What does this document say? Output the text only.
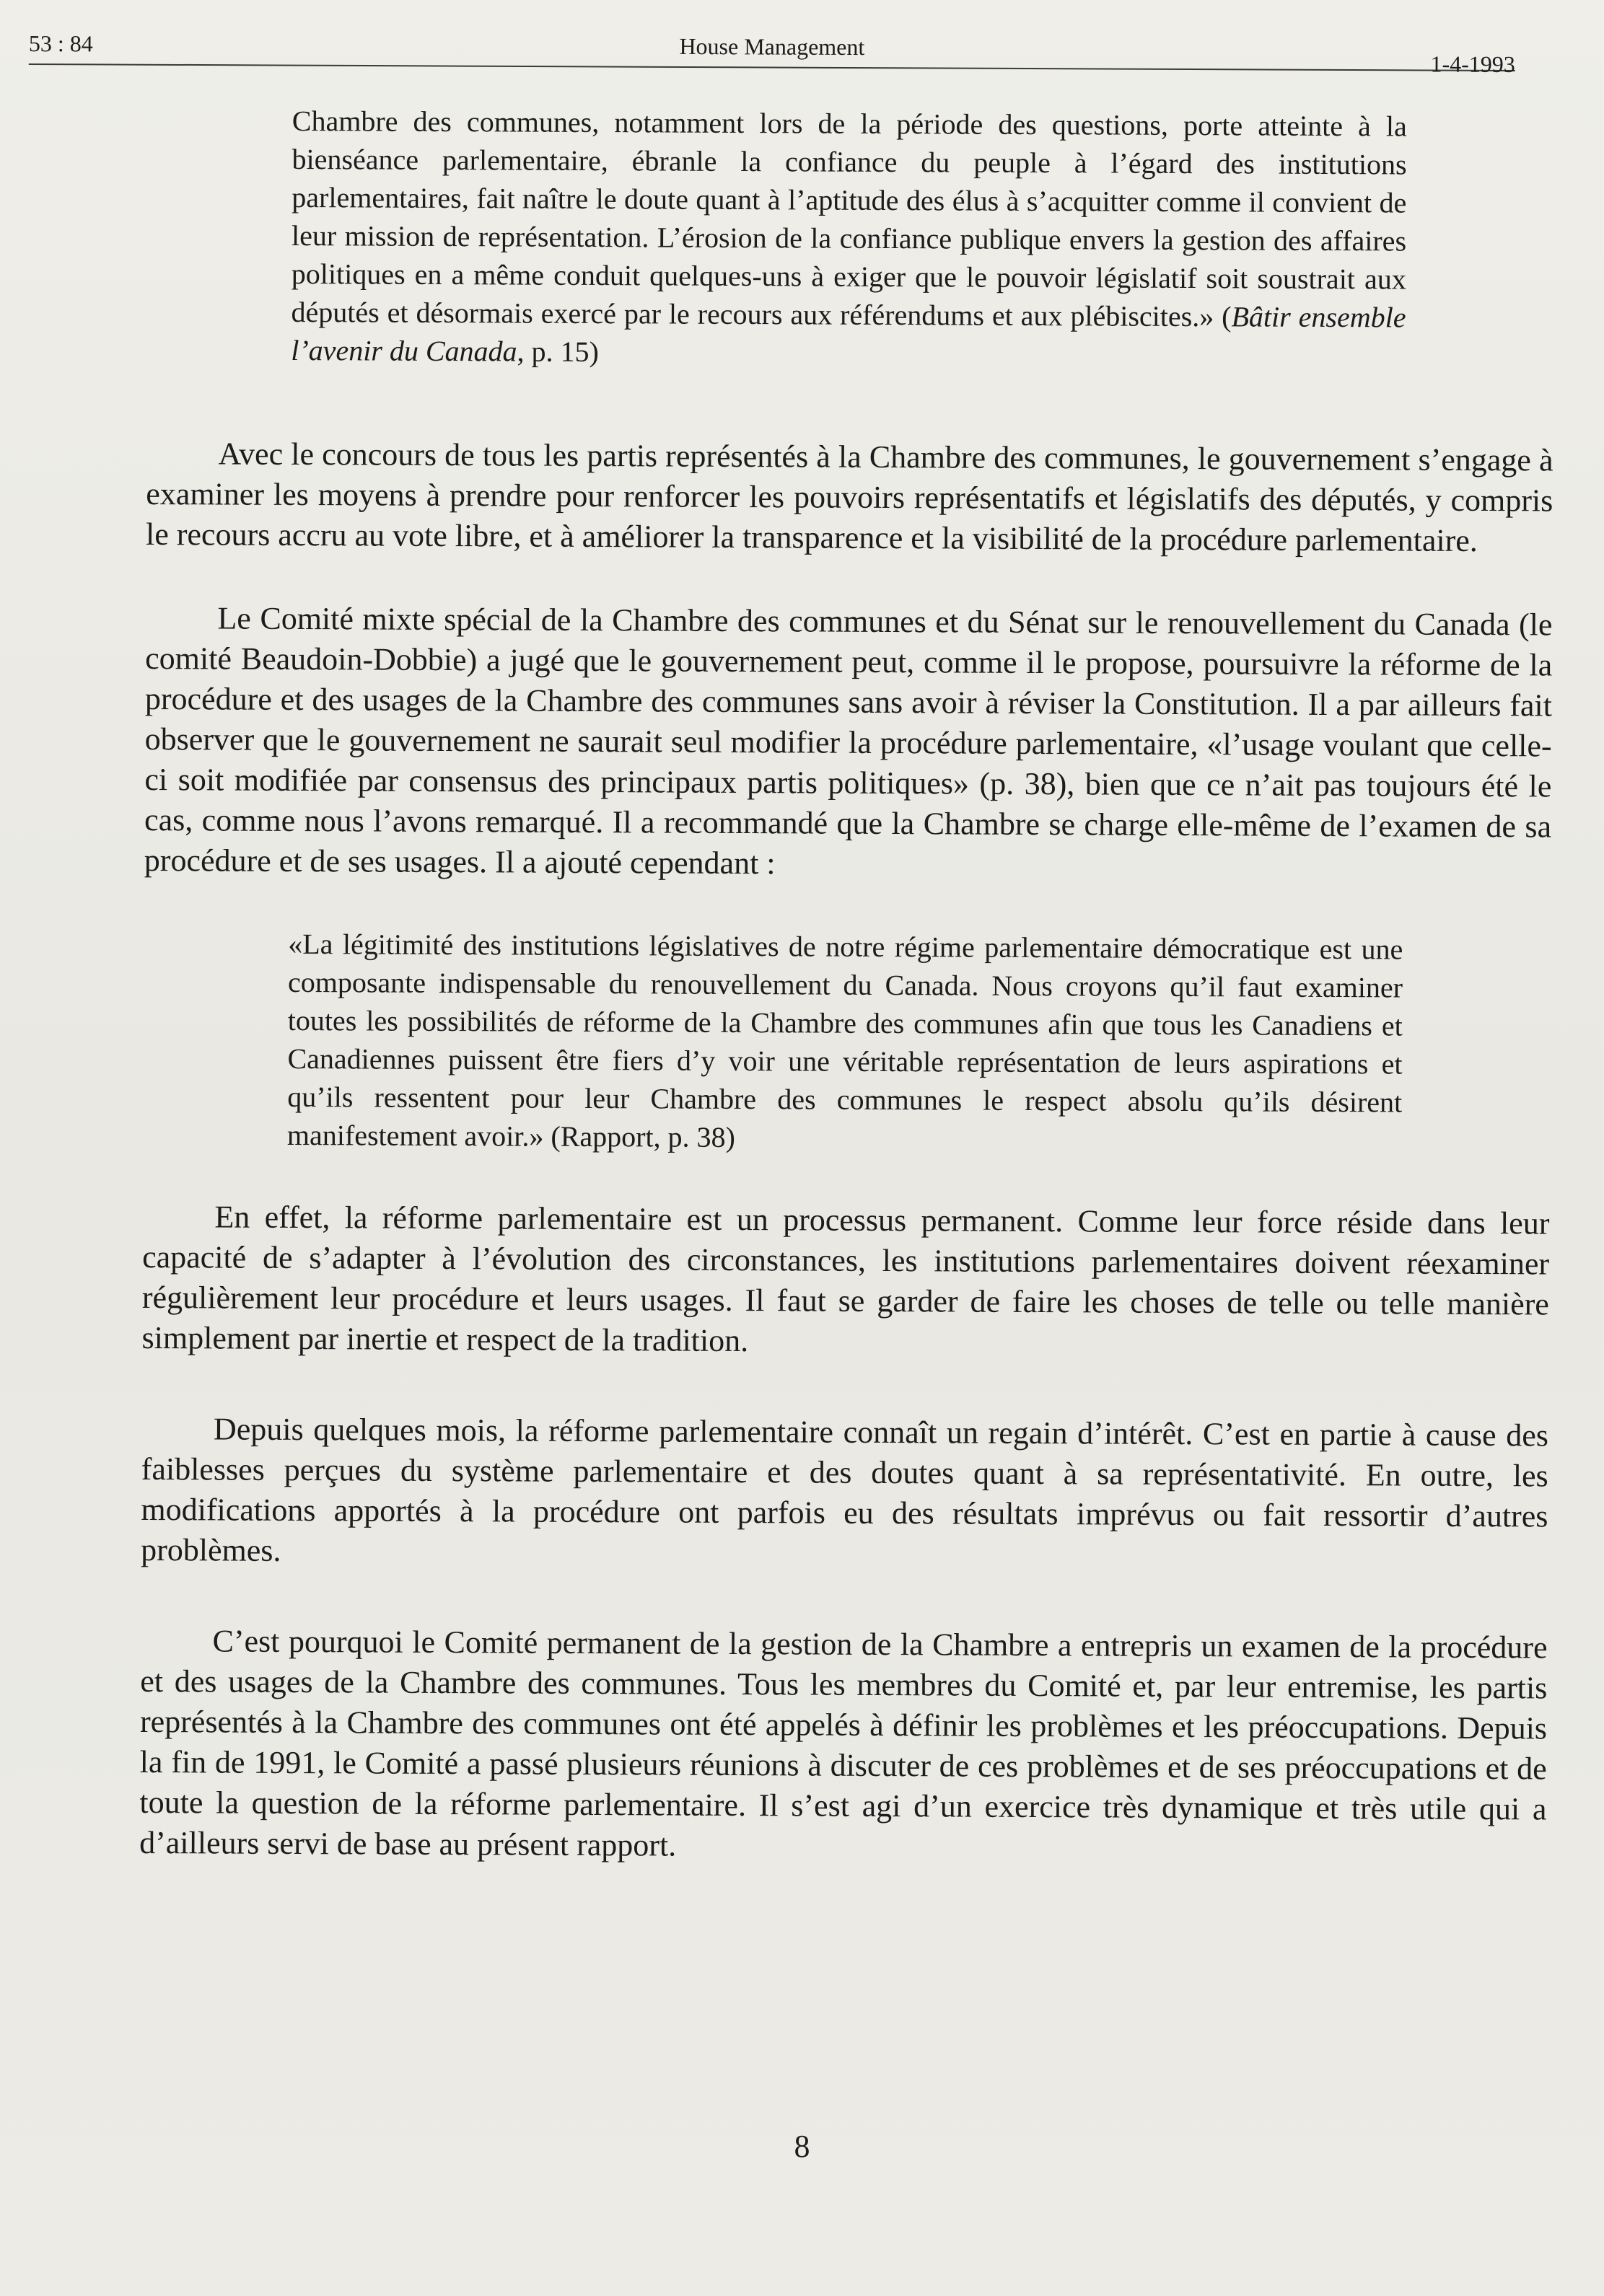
53 : 84	House Management
1-4-1993
Chambre des communes, notamment lors de la période des questions, porte atteinte à la bienséance parlementaire, ébranle la confiance du peuple à l’égard des institutions parlementaires, fait naître le doute quant à l’aptitude des élus à s’acquitter comme il convient de leur mission de représentation. L’érosion de la confiance publique envers la gestion des affaires politiques en a même conduit quelques-uns à exiger que le pouvoir législatif soit soustrait aux députés et désormais exercé par le recours aux référendums et aux plébiscites.» (Bâtir ensemble l’avenir du Canada, p. 15)

Avec le concours de tous les partis représentés à la Chambre des communes, le gouvernement s’engage à examiner les moyens à prendre pour renforcer les pouvoirs représentatifs et législatifs des députés, y compris le recours accru au vote libre, et à améliorer la transparence et la visibilité de la procédure parlementaire.

Le Comité mixte spécial de la Chambre des communes et du Sénat sur le renouvellement du Canada (le comité Beaudoin-Dobbie) a jugé que le gouvernement peut, comme il le propose, poursuivre la réforme de la procédure et des usages de la Chambre des communes sans avoir à réviser la Constitution. Il a par ailleurs fait observer que le gouvernement ne saurait seul modifier la procédure parlementaire, «l’usage voulant que celle-ci soit modifiée par consensus des principaux partis politiques» (p. 38), bien que ce n’ait pas toujours été le cas, comme nous l’avons remarqué. Il a recommandé que la Chambre se charge elle-même de l’examen de sa procédure et de ses usages. Il a ajouté cependant :

«La légitimité des institutions législatives de notre régime parlementaire démocratique est une composante indispensable du renouvellement du Canada. Nous croyons qu’il faut examiner toutes les possibilités de réforme de la Chambre des communes afin que tous les Canadiens et Canadiennes puissent être fiers d’y voir une véritable représentation de leurs aspirations et qu’ils ressentent pour leur Chambre des communes le respect absolu qu’ils désirent manifestement avoir.» (Rapport, p. 38)

En effet, la réforme parlementaire est un processus permanent. Comme leur force réside dans leur capacité de s’adapter à l’évolution des circonstances, les institutions parlementaires doivent réexaminer régulièrement leur procédure et leurs usages. Il faut se garder de faire les choses de telle ou telle manière simplement par inertie et respect de la tradition.

Depuis quelques mois, la réforme parlementaire connaît un regain d’intérêt. C’est en partie à cause des faiblesses perçues du système parlementaire et des doutes quant à sa représentativité. En outre, les modifications apportés à la procédure ont parfois eu des résultats imprévus ou fait ressortir d’autres problèmes.

C’est pourquoi le Comité permanent de la gestion de la Chambre a entrepris un examen de la procédure et des usages de la Chambre des communes. Tous les membres du Comité et, par leur entremise, les partis représentés à la Chambre des communes ont été appelés à définir les problèmes et les préoccupations. Depuis la fin de 1991, le Comité a passé plusieurs réunions à discuter de ces problèmes et de ses préoccupations et de toute la question de la réforme parlementaire. Il s’est agi d’un exercice très dynamique et très utile qui a d’ailleurs servi de base au présent rapport.

8
